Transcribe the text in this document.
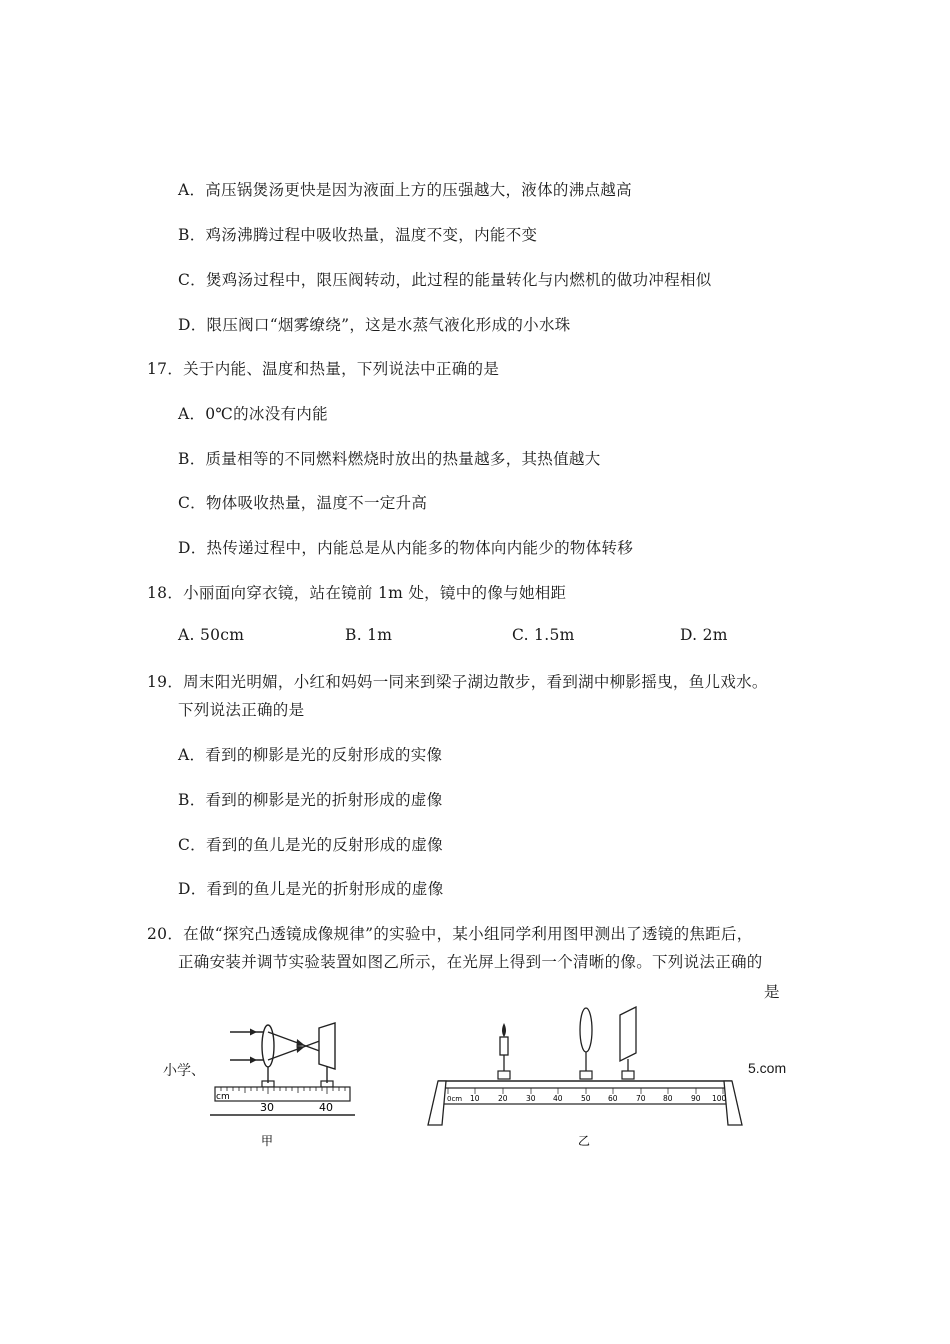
A．高压锅煲汤更快是因为液面上方的压强越大，液体的沸点越高
B．鸡汤沸腾过程中吸收热量，温度不变，内能不变
C．煲鸡汤过程中，限压阀转动，此过程的能量转化与内燃机的做功冲程相似
D．限压阀口“烟雾缭绕”，这是水蒸气液化形成的小水珠
17．关于内能、温度和热量，下列说法中正确的是
A．0℃的冰没有内能
B．质量相等的不同燃料燃烧时放出的热量越多，其热值越大
C．物体吸收热量，温度不一定升高
D．热传递过程中，内能总是从内能多的物体向内能少的物体转移
18．小丽面向穿衣镜，站在镜前 1m 处，镜中的像与她相距
A. 50cm	B. 1m	C. 1.5m	D. 2m
19．周末阳光明媚，小红和妈妈一同来到梁子湖边散步，看到湖中柳影摇曳，鱼儿戏水。
下列说法正确的是
A．看到的柳影是光的反射形成的实像
B．看到的柳影是光的折射形成的虚像
C．看到的鱼儿是光的反射形成的虚像
D．看到的鱼儿是光的折射形成的虚像
20．在做“探究凸透镜成像规律”的实验中，某小组同学利用图甲测出了透镜的焦距后，
正确安装并调节实验装置如图乙所示，在光屏上得到一个清晰的像。下列说法正确的
是
小学、	5.com
cm
30	40
甲
0cm 10 20 30 40 50 60 70 80 90 100
乙
